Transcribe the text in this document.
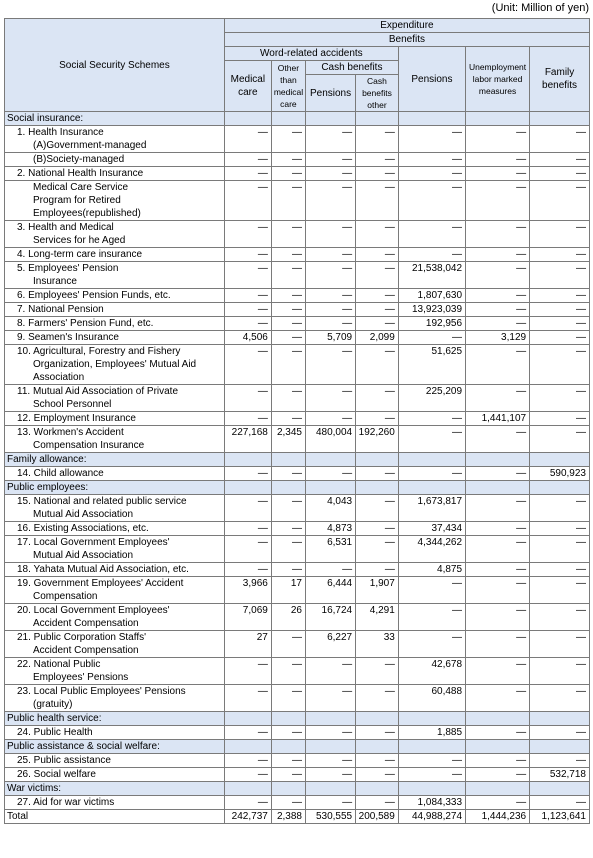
(Unit: Million of yen)
Social Security Schemes	Expenditure						
	Benefits						
	Word-related accidents				Pensions	Unemployment labor marked measures	Family benefits
	Medical care	Other than medical care	Cash benefits				
			Pensions	Cash benefits other			
Social insurance:							

1. Health Insurance
(A)Government-managed	—	—	—	—	—	—	—

(B)Society-managed	—	—	—	—	—	—	—

2. National Health Insurance	—	—	—	—	—	—	—

Medical Care Service
Program for Retired
Employees(republished)	—	—	—	—	—	—	—

3. Health and Medical
Services for he Aged	—	—	—	—	—	—	—

4. Long-term care insurance	—	—	—	—	—	—	—

5. Employees' Pension
Insurance	—	—	—	—	21,538,042	—	—

6. Employees' Pension Funds, etc.	—	—	—	—	1,807,630	—	—

7. National Pension	—	—	—	—	13,923,039	—	—

8. Farmers' Pension Fund, etc.	—	—	—	—	192,956	—	—

9. Seamen's Insurance	4,506	—	5,709	2,099	—	3,129	—

10. Agricultural, Forestry and Fishery
Organization, Employees' Mutual Aid
Association	—	—	—	—	51,625	—	—

11. Mutual Aid Association of Private
School Personnel	—	—	—	—	225,209	—	—

12. Employment Insurance	—	—	—	—	—	1,441,107	—

13. Workmen's Accident
Compensation Insurance	227,168	2,345	480,004	192,260	—	—	—
Family allowance:							

14. Child allowance	—	—	—	—	—	—	590,923
Public employees:							

15. National and related public service
Mutual Aid Association	—	—	4,043	—	1,673,817	—	—

16. Existing Associations, etc.	—	—	4,873	—	37,434	—	—

17. Local Government Employees'
Mutual Aid Association	—	—	6,531	—	4,344,262	—	—

18. Yahata Mutual Aid Association, etc.	—	—	—	—	4,875	—	—

19. Government Employees' Accident
Compensation	3,966	17	6,444	1,907	—	—	—

20. Local Government Employees'
Accident Compensation	7,069	26	16,724	4,291	—	—	—

21. Public Corporation Staffs'
Accident Compensation	27	—	6,227	33	—	—	—

22. National Public
Employees' Pensions	—	—	—	—	42,678	—	—

23. Local Public Employees' Pensions
(gratuity)	—	—	—	—	60,488	—	—
Public health service:							

24. Public Health	—	—	—	—	1,885	—	—
Public assistance & social welfare:							

25. Public assistance	—	—	—	—	—	—	—

26. Social welfare	—	—	—	—	—	—	532,718
War victims:							

27. Aid for war victims	—	—	—	—	1,084,333	—	—
Total	242,737	2,388	530,555	200,589	44,988,274	1,444,236	1,123,641
